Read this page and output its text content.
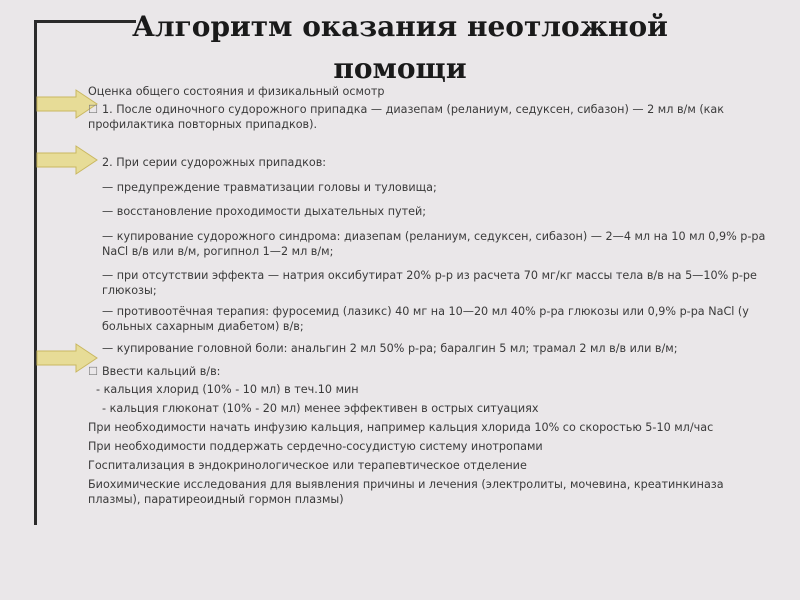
Алгоритм оказания неотложной
помощи
Оценка общего состояния и физикальный осмотр
☐ 1. После одиночного судорожного припадка — диазепам (реланиум, седуксен, сибазон) — 2 мл в/м (как профилактика повторных припадков).
2. При серии судорожных припадков:
— предупреждение травматизации головы и туловища;
— восстановление проходимости дыхательных путей;
— купирование судорожного синдрома: диазепам (реланиум, седуксен, сибазон) — 2—4 мл на 10 мл 0,9% р-ра NaCl в/в или в/м, рогипнол 1—2 мл в/м;
— при отсутствии эффекта — натрия оксибутират 20% р-р из расчета 70 мг/кг массы тела в/в на 5—10% р-ре глюкозы;
— противоотёчная терапия: фуросемид (лазикс) 40 мг на 10—20 мл 40% р-ра глюкозы или 0,9% р-ра NaCl (у больных сахарным диабетом) в/в;
— купирование головной боли: анальгин 2 мл 50% р-ра; баралгин 5 мл; трамал 2 мл в/в или в/м;
☐ Ввести кальций в/в:
- кальция хлорид (10% - 10 мл) в теч.10 мин
- кальция глюконат (10% - 20 мл) менее эффективен в острых ситуациях
При необходимости начать инфузию кальция, например кальция хлорида 10% со скоростью 5-10 мл/час
При необходимости поддержать сердечно-сосудистую систему инотропами
Госпитализация в эндокринологическое или терапевтическое отделение
Биохимические исследования для выявления причины и лечения (электролиты, мочевина, креатинкиназа плазмы), паратиреоидный гормон плазмы)
